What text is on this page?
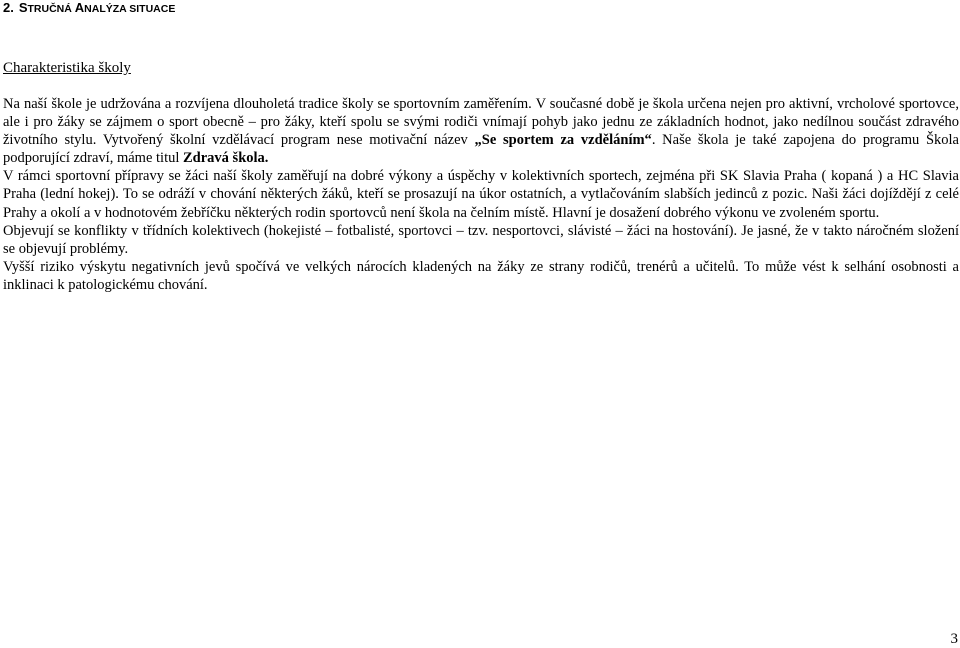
2. STRUČNÁ ANALÝZA SITUACE
Charakteristika školy

Na naší škole je udržována a rozvíjena dlouholetá tradice školy se sportovním zaměřením. V současné době je škola určena nejen pro aktivní, vrcholové sportovce, ale i pro žáky se zájmem o sport obecně – pro žáky, kteří spolu se svými rodiči vnímají pohyb jako jednu ze základních hodnot, jako nedílnou součást zdravého životního stylu. Vytvořený školní vzdělávací program nese motivační název „Se sportem za vzděláním“. Naše škola je také zapojena do programu Škola podporující zdraví, máme titul Zdravá škola.

V rámci sportovní přípravy se žáci naší školy zaměřují na dobré výkony a úspěchy v kolektivních sportech, zejména při SK Slavia Praha ( kopaná ) a HC Slavia Praha (lední hokej). To se odráží v chování některých žáků, kteří se prosazují na úkor ostatních, a vytlačováním slabších jedinců z pozic. Naši žáci dojíždějí z celé Prahy a okolí a v hodnotovém žebříčku některých rodin sportovců není škola na čelním místě. Hlavní je dosažení dobrého výkonu ve zvoleném sportu.

Objevují se konflikty v třídních kolektivech (hokejisté – fotbalisté, sportovci – tzv. nesportovci, slávisté – žáci na hostování). Je jasné, že v takto náročném složení se objevují problémy.

Vyšší riziko výskytu negativních jevů spočívá ve velkých nárocích kladených na žáky ze strany rodičů, trenérů a učitelů. To může vést k selhání osobnosti a inklinaci k patologickému chování.

3
